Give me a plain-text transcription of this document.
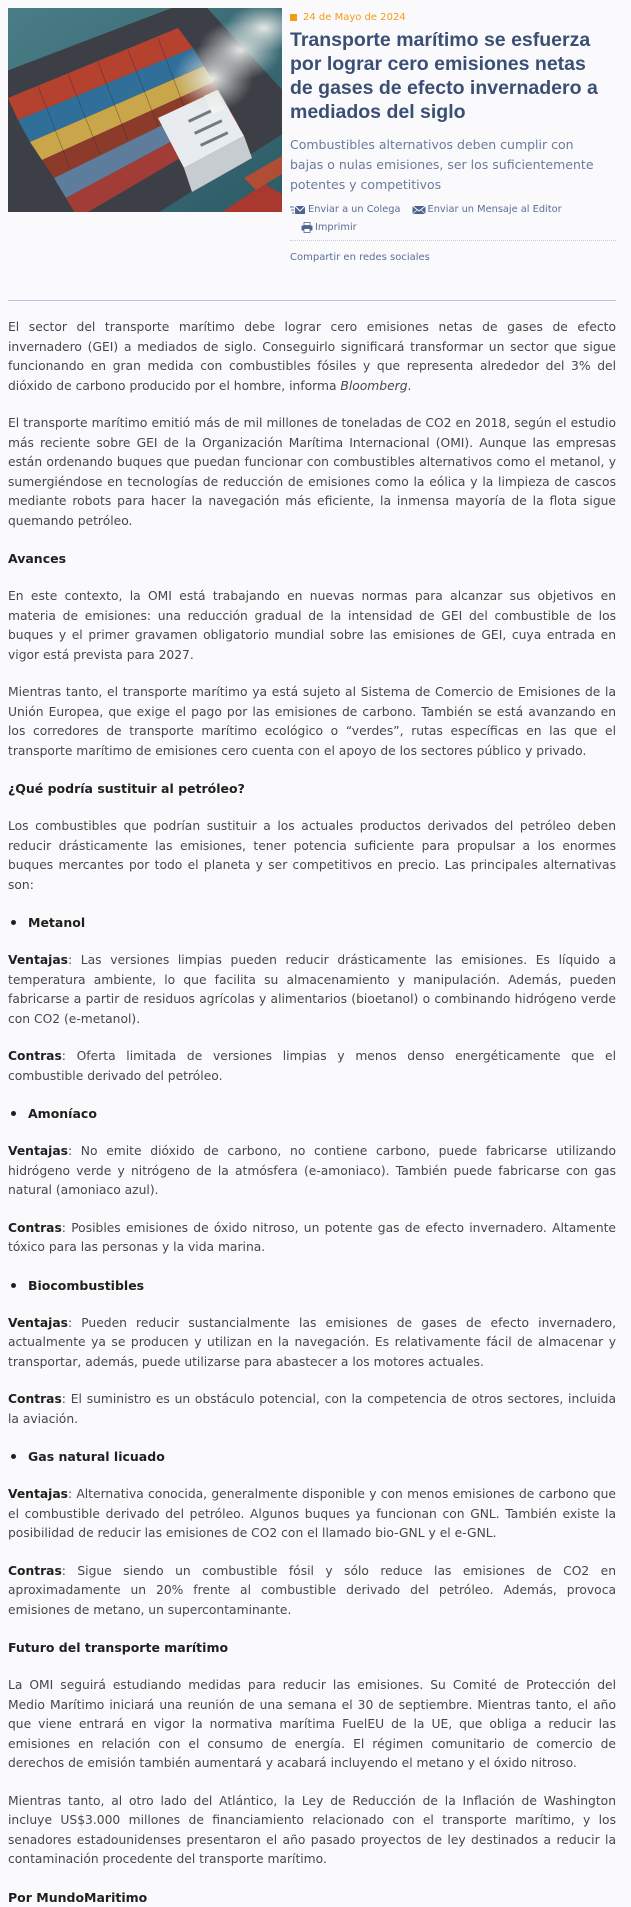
24 de Mayo de 2024
Transporte marítimo se esfuerza por lograr cero emisiones netas de gases de efecto invernadero a mediados del siglo
Combustibles alternativos deben cumplir con bajas o nulas emisiones, ser los suficientemente potentes y competitivos
Enviar a un Colega	Enviar un Mensaje al Editor
Imprimir
Compartir en redes sociales

El sector del transporte marítimo debe lograr cero emisiones netas de gases de efecto invernadero (GEI) a mediados de siglo. Conseguirlo significará transformar un sector que sigue funcionando en gran medida con combustibles fósiles y que representa alrededor del 3% del dióxido de carbono producido por el hombre, informa Bloomberg.

El transporte marítimo emitió más de mil millones de toneladas de CO2 en 2018, según el estudio más reciente sobre GEI de la Organización Marítima Internacional (OMI). Aunque las empresas están ordenando buques que puedan funcionar con combustibles alternativos como el metanol, y sumergiéndose en tecnologías de reducción de emisiones como la eólica y la limpieza de cascos mediante robots para hacer la navegación más eficiente, la inmensa mayoría de la flota sigue quemando petróleo.

Avances

En este contexto, la OMI está trabajando en nuevas normas para alcanzar sus objetivos en materia de emisiones: una reducción gradual de la intensidad de GEI del combustible de los buques y el primer gravamen obligatorio mundial sobre las emisiones de GEI, cuya entrada en vigor está prevista para 2027.

Mientras tanto, el transporte marítimo ya está sujeto al Sistema de Comercio de Emisiones de la Unión Europea, que exige el pago por las emisiones de carbono. También se está avanzando en los corredores de transporte marítimo ecológico o “verdes”, rutas específicas en las que el transporte marítimo de emisiones cero cuenta con el apoyo de los sectores público y privado.

¿Qué podría sustituir al petróleo?

Los combustibles que podrían sustituir a los actuales productos derivados del petróleo deben reducir drásticamente las emisiones, tener potencia suficiente para propulsar a los enormes buques mercantes por todo el planeta y ser competitivos en precio. Las principales alternativas son:

Metanol

Ventajas: Las versiones limpias pueden reducir drásticamente las emisiones. Es líquido a temperatura ambiente, lo que facilita su almacenamiento y manipulación. Además, pueden fabricarse a partir de residuos agrícolas y alimentarios (bioetanol) o combinando hidrógeno verde con CO2 (e-metanol).

Contras: Oferta limitada de versiones limpias y menos denso energéticamente que el combustible derivado del petróleo.

Amoníaco

Ventajas: No emite dióxido de carbono, no contiene carbono, puede fabricarse utilizando hidrógeno verde y nitrógeno de la atmósfera (e-amoniaco). También puede fabricarse con gas natural (amoniaco azul).

Contras: Posibles emisiones de óxido nitroso, un potente gas de efecto invernadero. Altamente tóxico para las personas y la vida marina.

Biocombustibles

Ventajas: Pueden reducir sustancialmente las emisiones de gases de efecto invernadero, actualmente ya se producen y utilizan en la navegación. Es relativamente fácil de almacenar y transportar, además, puede utilizarse para abastecer a los motores actuales.

Contras: El suministro es un obstáculo potencial, con la competencia de otros sectores, incluida la aviación.

Gas natural licuado

Ventajas: Alternativa conocida, generalmente disponible y con menos emisiones de carbono que el combustible derivado del petróleo. Algunos buques ya funcionan con GNL. También existe la posibilidad de reducir las emisiones de CO2 con el llamado bio-GNL y el e-GNL.

Contras: Sigue siendo un combustible fósil y sólo reduce las emisiones de CO2 en aproximadamente un 20% frente al combustible derivado del petróleo. Además, provoca emisiones de metano, un supercontaminante.

Futuro del transporte marítimo

La OMI seguirá estudiando medidas para reducir las emisiones. Su Comité de Protección del Medio Marítimo iniciará una reunión de una semana el 30 de septiembre. Mientras tanto, el año que viene entrará en vigor la normativa marítima FuelEU de la UE, que obliga a reducir las emisiones en relación con el consumo de energía. El régimen comunitario de comercio de derechos de emisión también aumentará y acabará incluyendo el metano y el óxido nitroso.

Mientras tanto, al otro lado del Atlántico, la Ley de Reducción de la Inflación de Washington incluye US$3.000 millones de financiamiento relacionado con el transporte marítimo, y los senadores estadounidenses presentaron el año pasado proyectos de ley destinados a reducir la contaminación procedente del transporte marítimo.

Por MundoMaritimo
